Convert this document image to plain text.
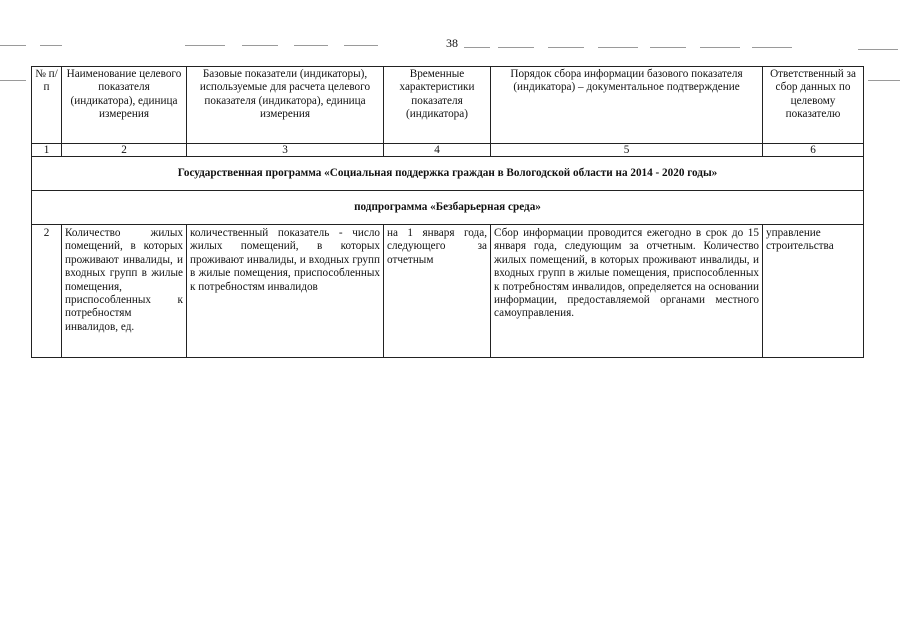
38
№ п/п	Наименование целевого показателя (индикатора), единица измерения	Базовые показатели (индикаторы), используемые для расчета целевого показателя (индикатора), единица измерения	Временные характеристики показателя (индикатора)	Порядок сбора информации базового показателя (индикатора) – документальное подтверждение	Ответственный за сбор данных по целевому показателю
1	2	3	4	5	6
Государственная программа «Социальная поддержка граждан в Вологодской области на 2014 - 2020 годы»					
подпрограмма «Безбарьерная среда»					
2	Количество жилых помещений, в которых проживают инвалиды, и входных групп в жилые помещения, приспособленных к потребностям инвалидов, ед.	количественный показатель - число жилых помещений, в которых проживают инвалиды, и входных групп в жилые помещения, приспособленных к потребностям инвалидов	на 1 января года, следующего за отчетным	Сбор информации проводится ежегодно в срок до 15 января года, следующим за отчетным. Количество жилых помещений, в которых проживают инвалиды, и входных групп в жилые помещения, приспособленных к потребностям инвалидов, определяется на основании информации, предоставляемой органами местного самоуправления.	управление строительства
